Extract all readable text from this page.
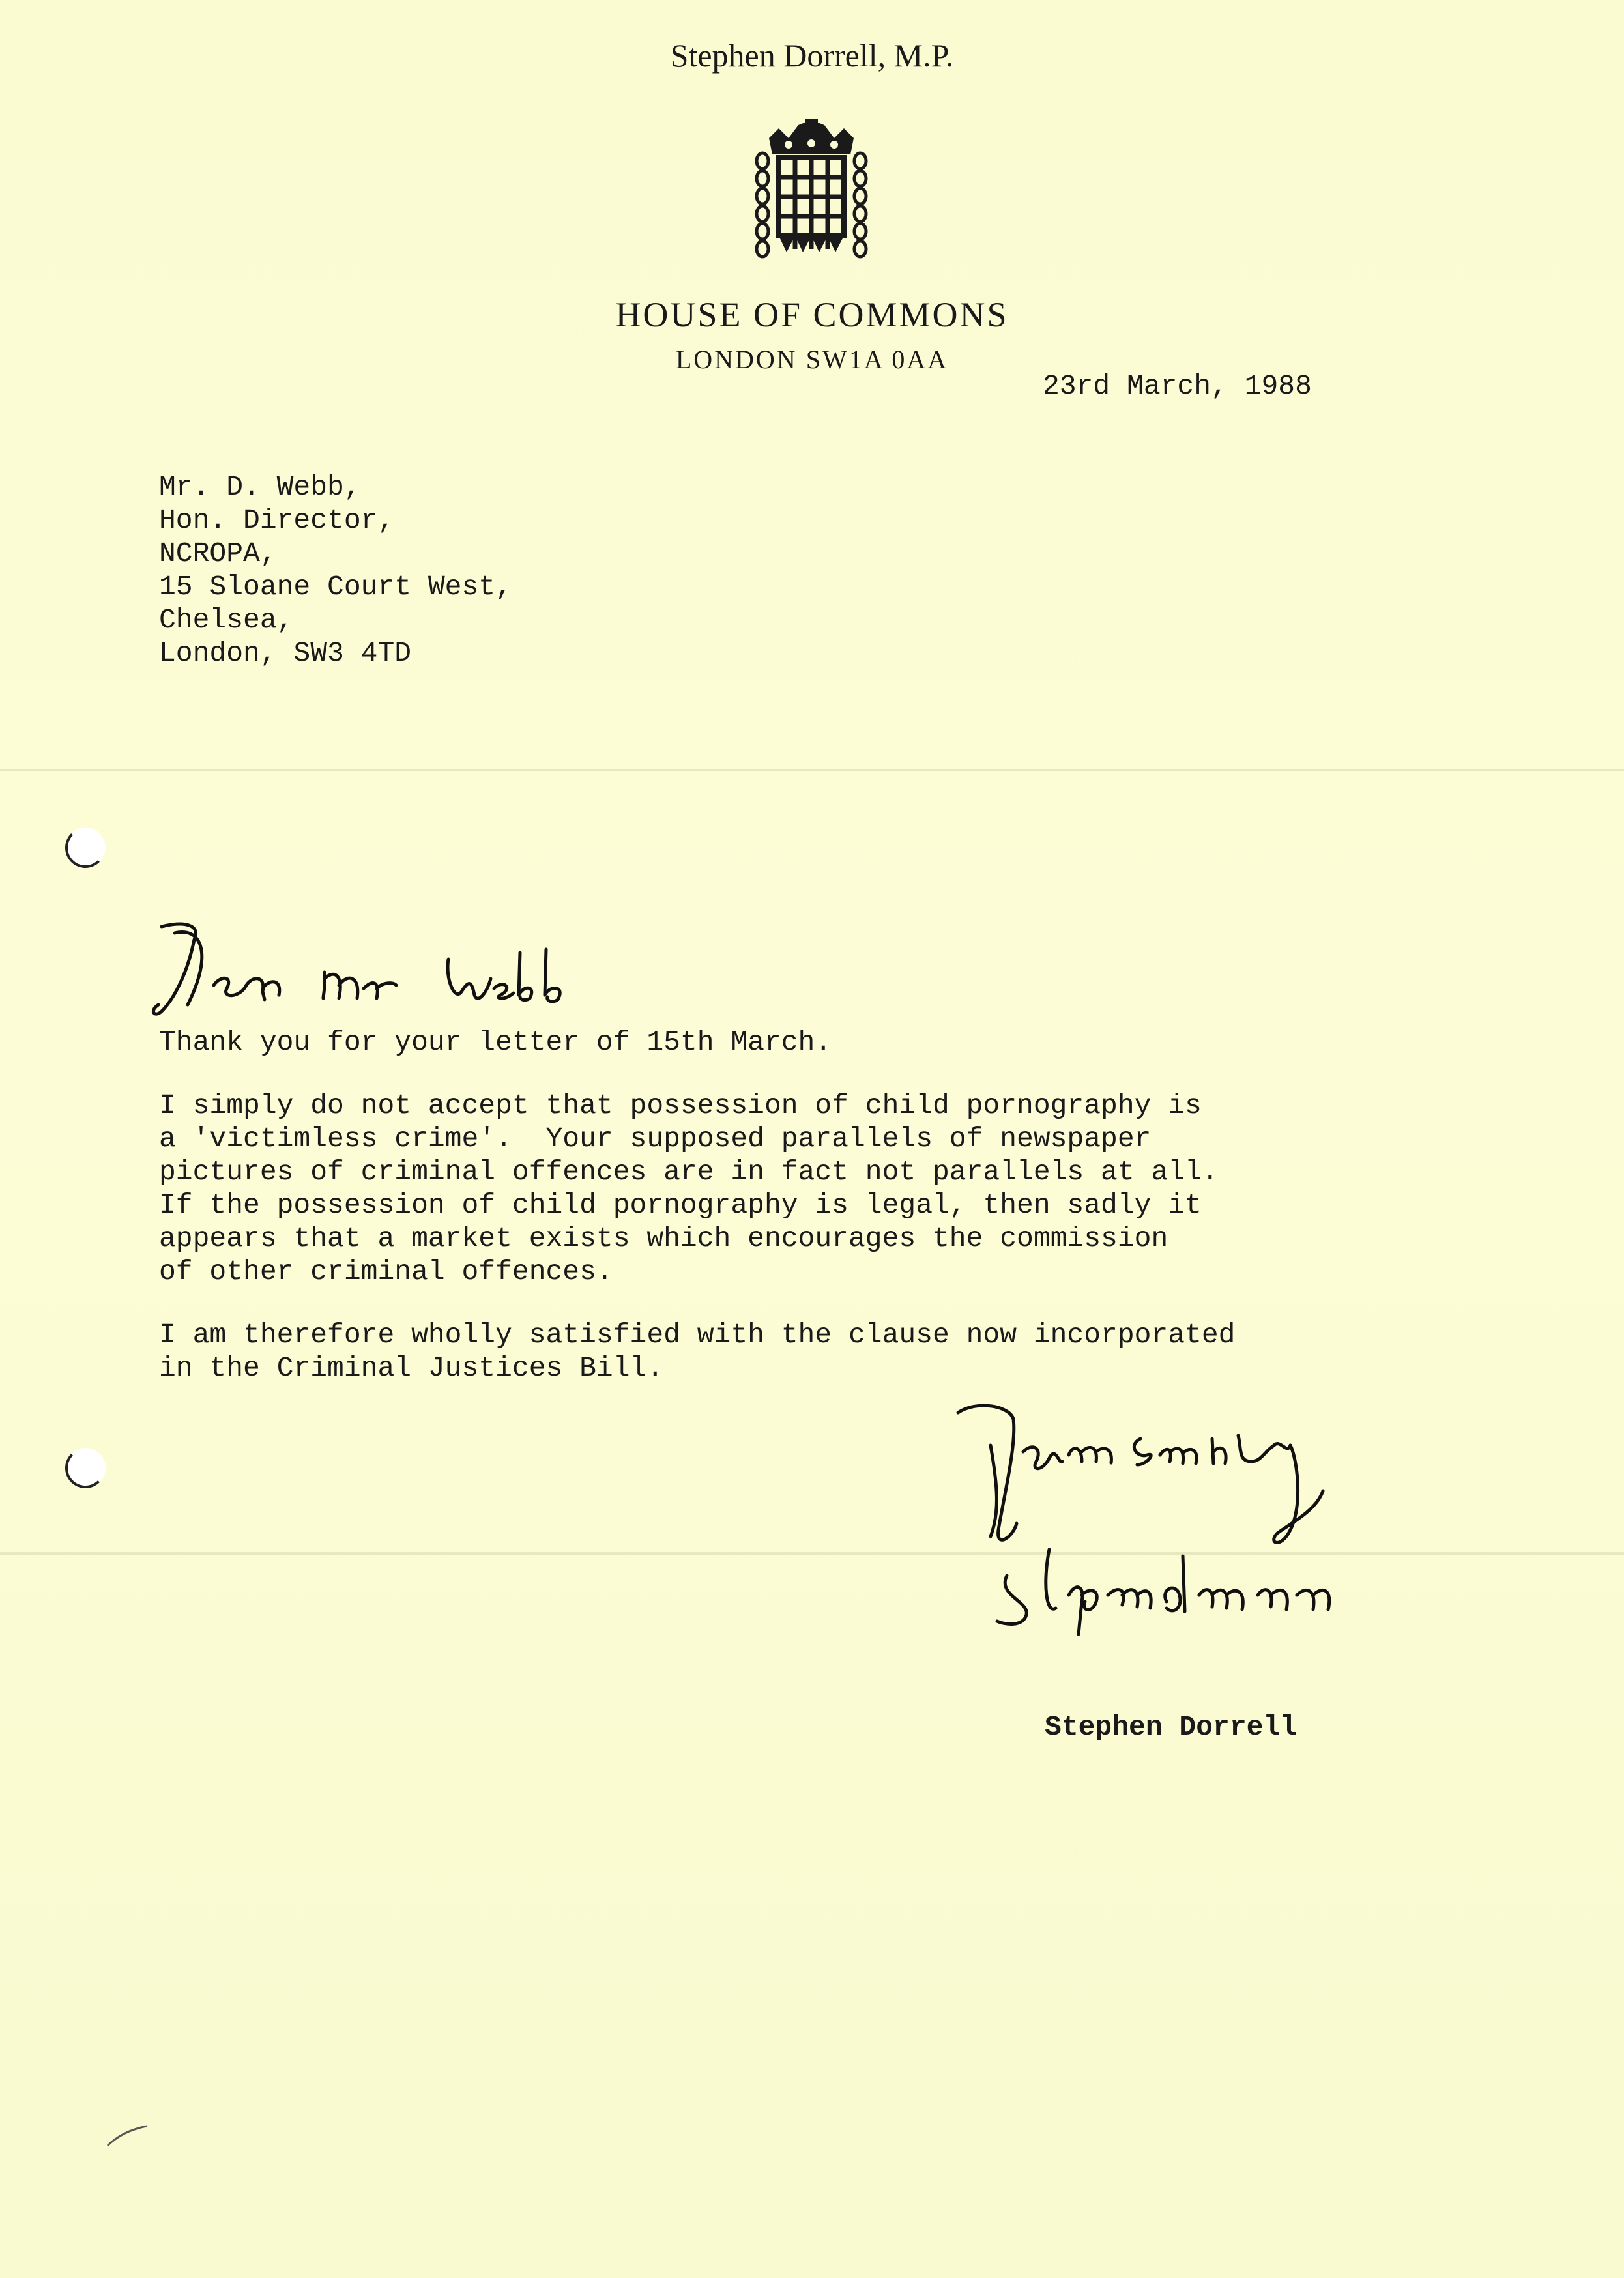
Stephen Dorrell, M.P.
HOUSE OF COMMONS
LONDON SW1A 0AA
23rd March, 1988
Mr. D. Webb,
Hon. Director,
NCROPA,
15 Sloane Court West,
Chelsea,
London, SW3 4TD
Thank you for your letter of 15th March.
I simply do not accept that possession of child pornography is
a 'victimless crime'.  Your supposed parallels of newspaper
pictures of criminal offences are in fact not parallels at all.
If the possession of child pornography is legal, then sadly it
appears that a market exists which encourages the commission
of other criminal offences.
I am therefore wholly satisfied with the clause now incorporated
in the Criminal Justices Bill.
Stephen Dorrell
